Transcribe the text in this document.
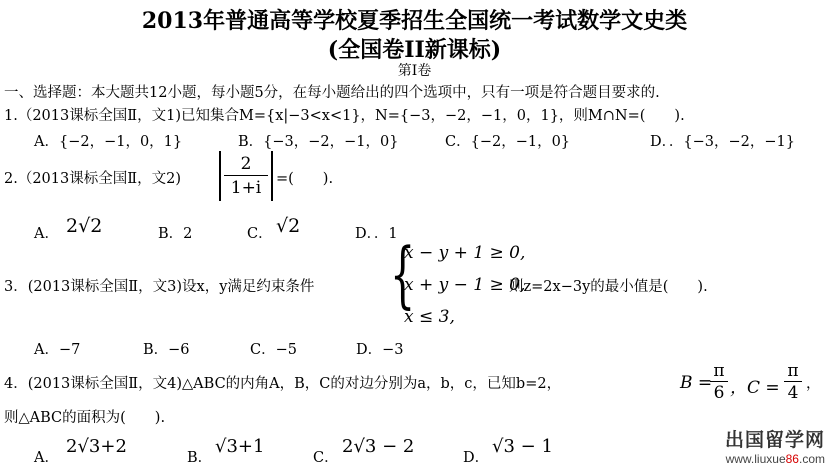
2013年普通高等学校夏季招生全国统一考试数学文史类
(全国卷II新课标)
第I卷
一、选择题：本大题共12小题，每小题5分，在每小题给出的四个选项中，只有一项是符合题目要求的.
1.（2013课标全国Ⅱ，文1)已知集合M={x|−3<x<1}，N={−3，−2，−1，0，1}，则M∩N=(　　).
A．{−2，−1，0，1}	B．{−3，−2，−1，0}	C．{−2，−1，0}	D．．{−3，−2，−1}
2.（2013课标全国Ⅱ，文2)
2
1+i	=(　　).
A． 2√2	B．2	C． √2	D．．1
3．(2013课标全国Ⅱ，文3)设x，y满足约束条件 {
x − y + 1 ≥ 0,
x + y − 1 ≥ 0,
x ≤ 3,
则z=2x−3y的最小值是(　　).
A．−7	B．−6	C．−5	D．−3
4．(2013课标全国Ⅱ，文4)△ABC的内角A，B，C的对边分别为a，b，c，已知b=2，	B =
π
6 ，C =
π
4 ，
则△ABC的面积为(　　).
A．
2√3+2
B．
√3+1
C．
2√3 − 2
D．
√3 − 1	出国留学网
www.liuxue86.com
